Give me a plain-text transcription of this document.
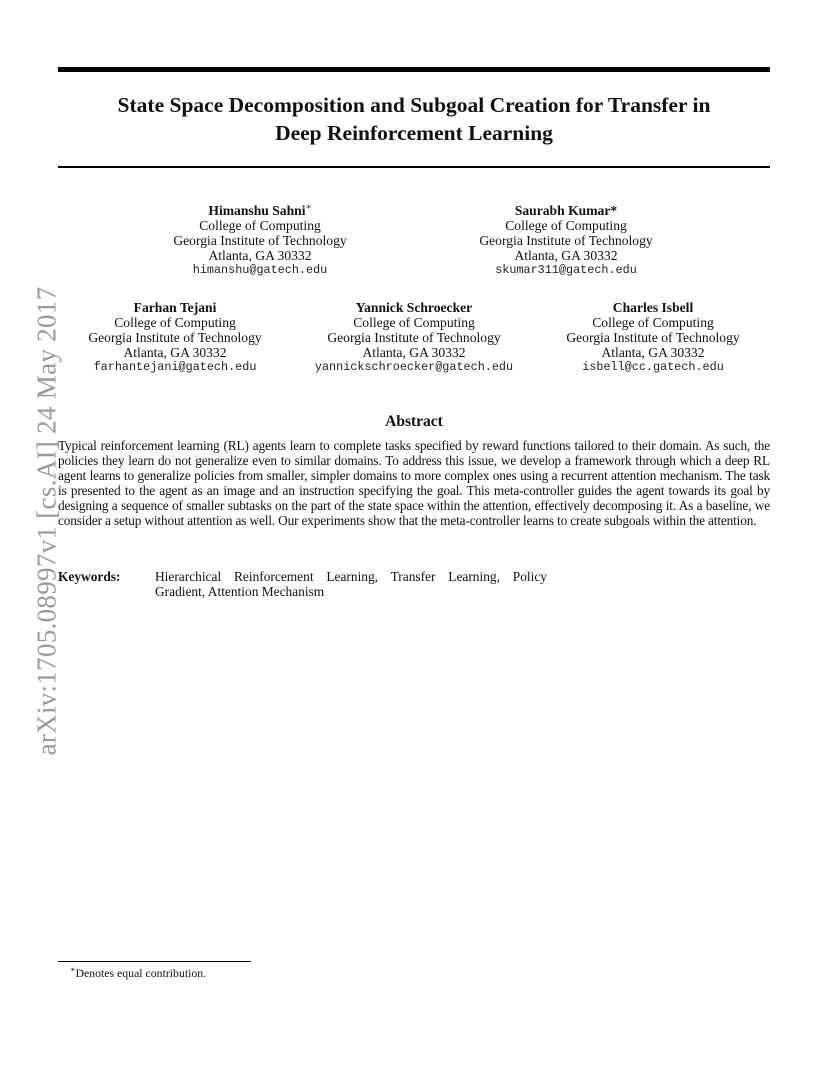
arXiv:1705.08997v1 [cs.AI] 24 May 2017
State Space Decomposition and Subgoal Creation for Transfer in
Deep Reinforcement Learning
Himanshu Sahni∗
College of Computing
Georgia Institute of Technology
Atlanta, GA 30332
himanshu@gatech.edu
Saurabh Kumar*
College of Computing
Georgia Institute of Technology
Atlanta, GA 30332
skumar311@gatech.edu
Farhan Tejani
College of Computing
Georgia Institute of Technology
Atlanta, GA 30332
farhantejani@gatech.edu
Yannick Schroecker
College of Computing
Georgia Institute of Technology
Atlanta, GA 30332
yannickschroecker@gatech.edu
Charles Isbell
College of Computing
Georgia Institute of Technology
Atlanta, GA 30332
isbell@cc.gatech.edu
Abstract
Typical reinforcement learning (RL) agents learn to complete tasks specified by reward functions tailored to their domain. As such, the policies they learn do not generalize even to similar domains. To address this issue, we develop a framework through which a deep RL agent learns to generalize policies from smaller, simpler domains to more complex ones using a recurrent attention mechanism. The task is presented to the agent as an image and an instruction specifying the goal. This meta-controller guides the agent towards its goal by designing a sequence of smaller subtasks on the part of the state space within the attention, effectively decomposing it. As a baseline, we consider a setup without attention as well. Our experiments show that the meta-controller learns to create subgoals within the attention.
Keywords:	Hierarchical Reinforcement Learning, Transfer Learning, Policy Gradient, Attention Mechanism
∗Denotes equal contribution.
